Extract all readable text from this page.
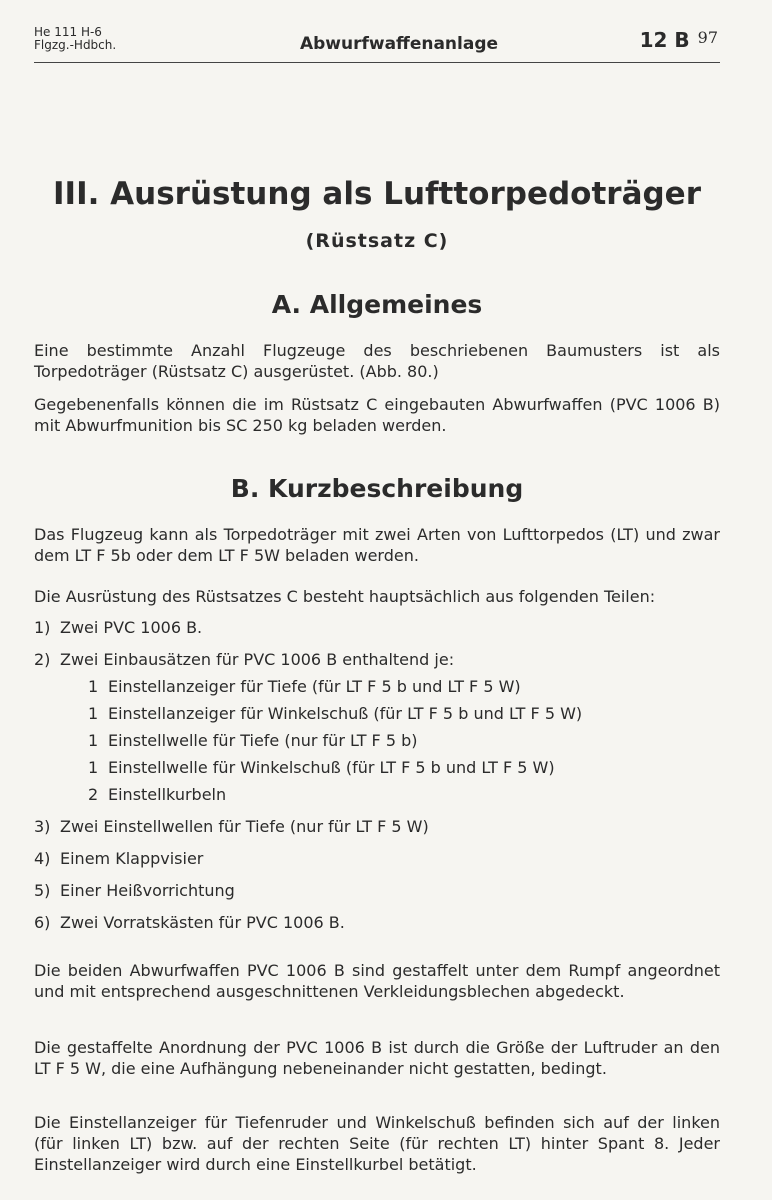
He 111 H-6
Flgzg.-Hdbch.	Abwurfwaffenanlage	12 B $^{97}$
III. Ausrüstung als Lufttorpedoträger
(Rüstsatz C)
A. Allgemeines
Eine bestimmte Anzahl Flugzeuge des beschriebenen Baumusters ist als Torpedoträger (Rüstsatz C) ausgerüstet. (Abb. 80.)
Gegebenenfalls können die im Rüstsatz C eingebauten Abwurfwaffen (PVC 1006 B) mit Abwurfmunition bis SC 250 kg beladen werden.
B. Kurzbeschreibung
Das Flugzeug kann als Torpedoträger mit zwei Arten von Lufttorpedos (LT) und zwar dem LT F 5b oder dem LT F 5W beladen werden.
Die Ausrüstung des Rüstsatzes C besteht hauptsächlich aus folgenden Teilen:
1) Zwei PVC 1006 B.
2) Zwei Einbausätzen für PVC 1006 B enthaltend je:
1 Einstellanzeiger für Tiefe (für LT F 5 b und LT F 5 W)
1 Einstellanzeiger für Winkelschuß (für LT F 5 b und LT F 5 W)
1 Einstellwelle für Tiefe (nur für LT F 5 b)
1 Einstellwelle für Winkelschuß (für LT F 5 b und LT F 5 W)
2 Einstellkurbeln
3) Zwei Einstellwellen für Tiefe (nur für LT F 5 W)
4) Einem Klappvisier
5) Einer Heißvorrichtung
6) Zwei Vorratskästen für PVC 1006 B.
Die beiden Abwurfwaffen PVC 1006 B sind gestaffelt unter dem Rumpf angeordnet und mit entsprechend ausgeschnittenen Verkleidungsblechen abgedeckt.
Die gestaffelte Anordnung der PVC 1006 B ist durch die Größe der Luftruder an den LT F 5 W, die eine Aufhängung nebeneinander nicht gestatten, bedingt.
Die Einstellanzeiger für Tiefenruder und Winkelschuß befinden sich auf der linken (für linken LT) bzw. auf der rechten Seite (für rechten LT) hinter Spant 8. Jeder Einstellanzeiger wird durch eine Einstellkurbel betätigt.
